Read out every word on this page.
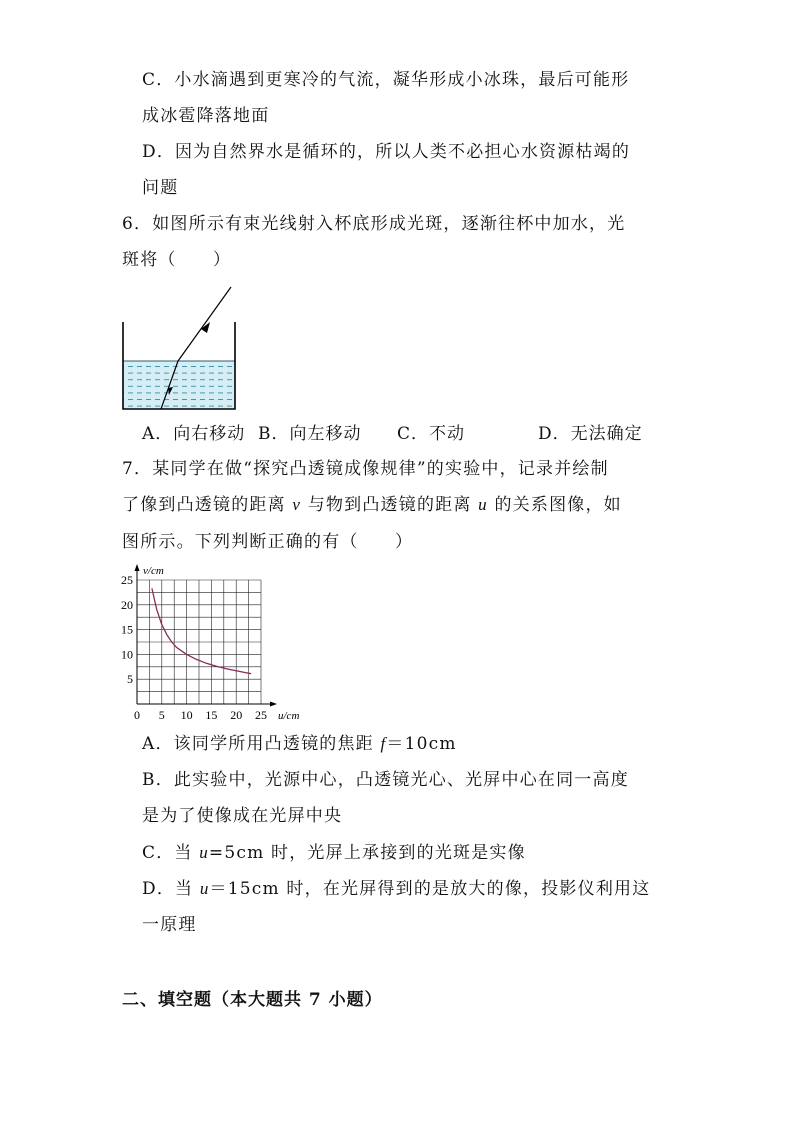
C．小水滴遇到更寒冷的气流，凝华形成小冰珠，最后可能形
成冰雹降落地面
D．因为自然界水是循环的，所以人类不必担心水资源枯竭的
问题
6．如图所示有束光线射入杯底形成光斑，逐渐往杯中加水，光
斑将（　　）
A．向右移动 B．向左移动 C．不动	D．无法确定
7．某同学在做“探究凸透镜成像规律”的实验中，记录并绘制
了像到凸透镜的距离 v 与物到凸透镜的距离 u 的关系图像，如
图所示。下列判断正确的有（　　）
0 5 10 15 20 25
5
10
15
20
25
u/cm
v/cm
A．该同学所用凸透镜的焦距 f＝10cm
B．此实验中，光源中心，凸透镜光心、光屏中心在同一高度
是为了使像成在光屏中央
C．当 u=5cm 时，光屏上承接到的光斑是实像
D．当 u＝15cm 时，在光屏得到的是放大的像，投影仪利用这
一原理
二、填空题（本大题共 7 小题）
